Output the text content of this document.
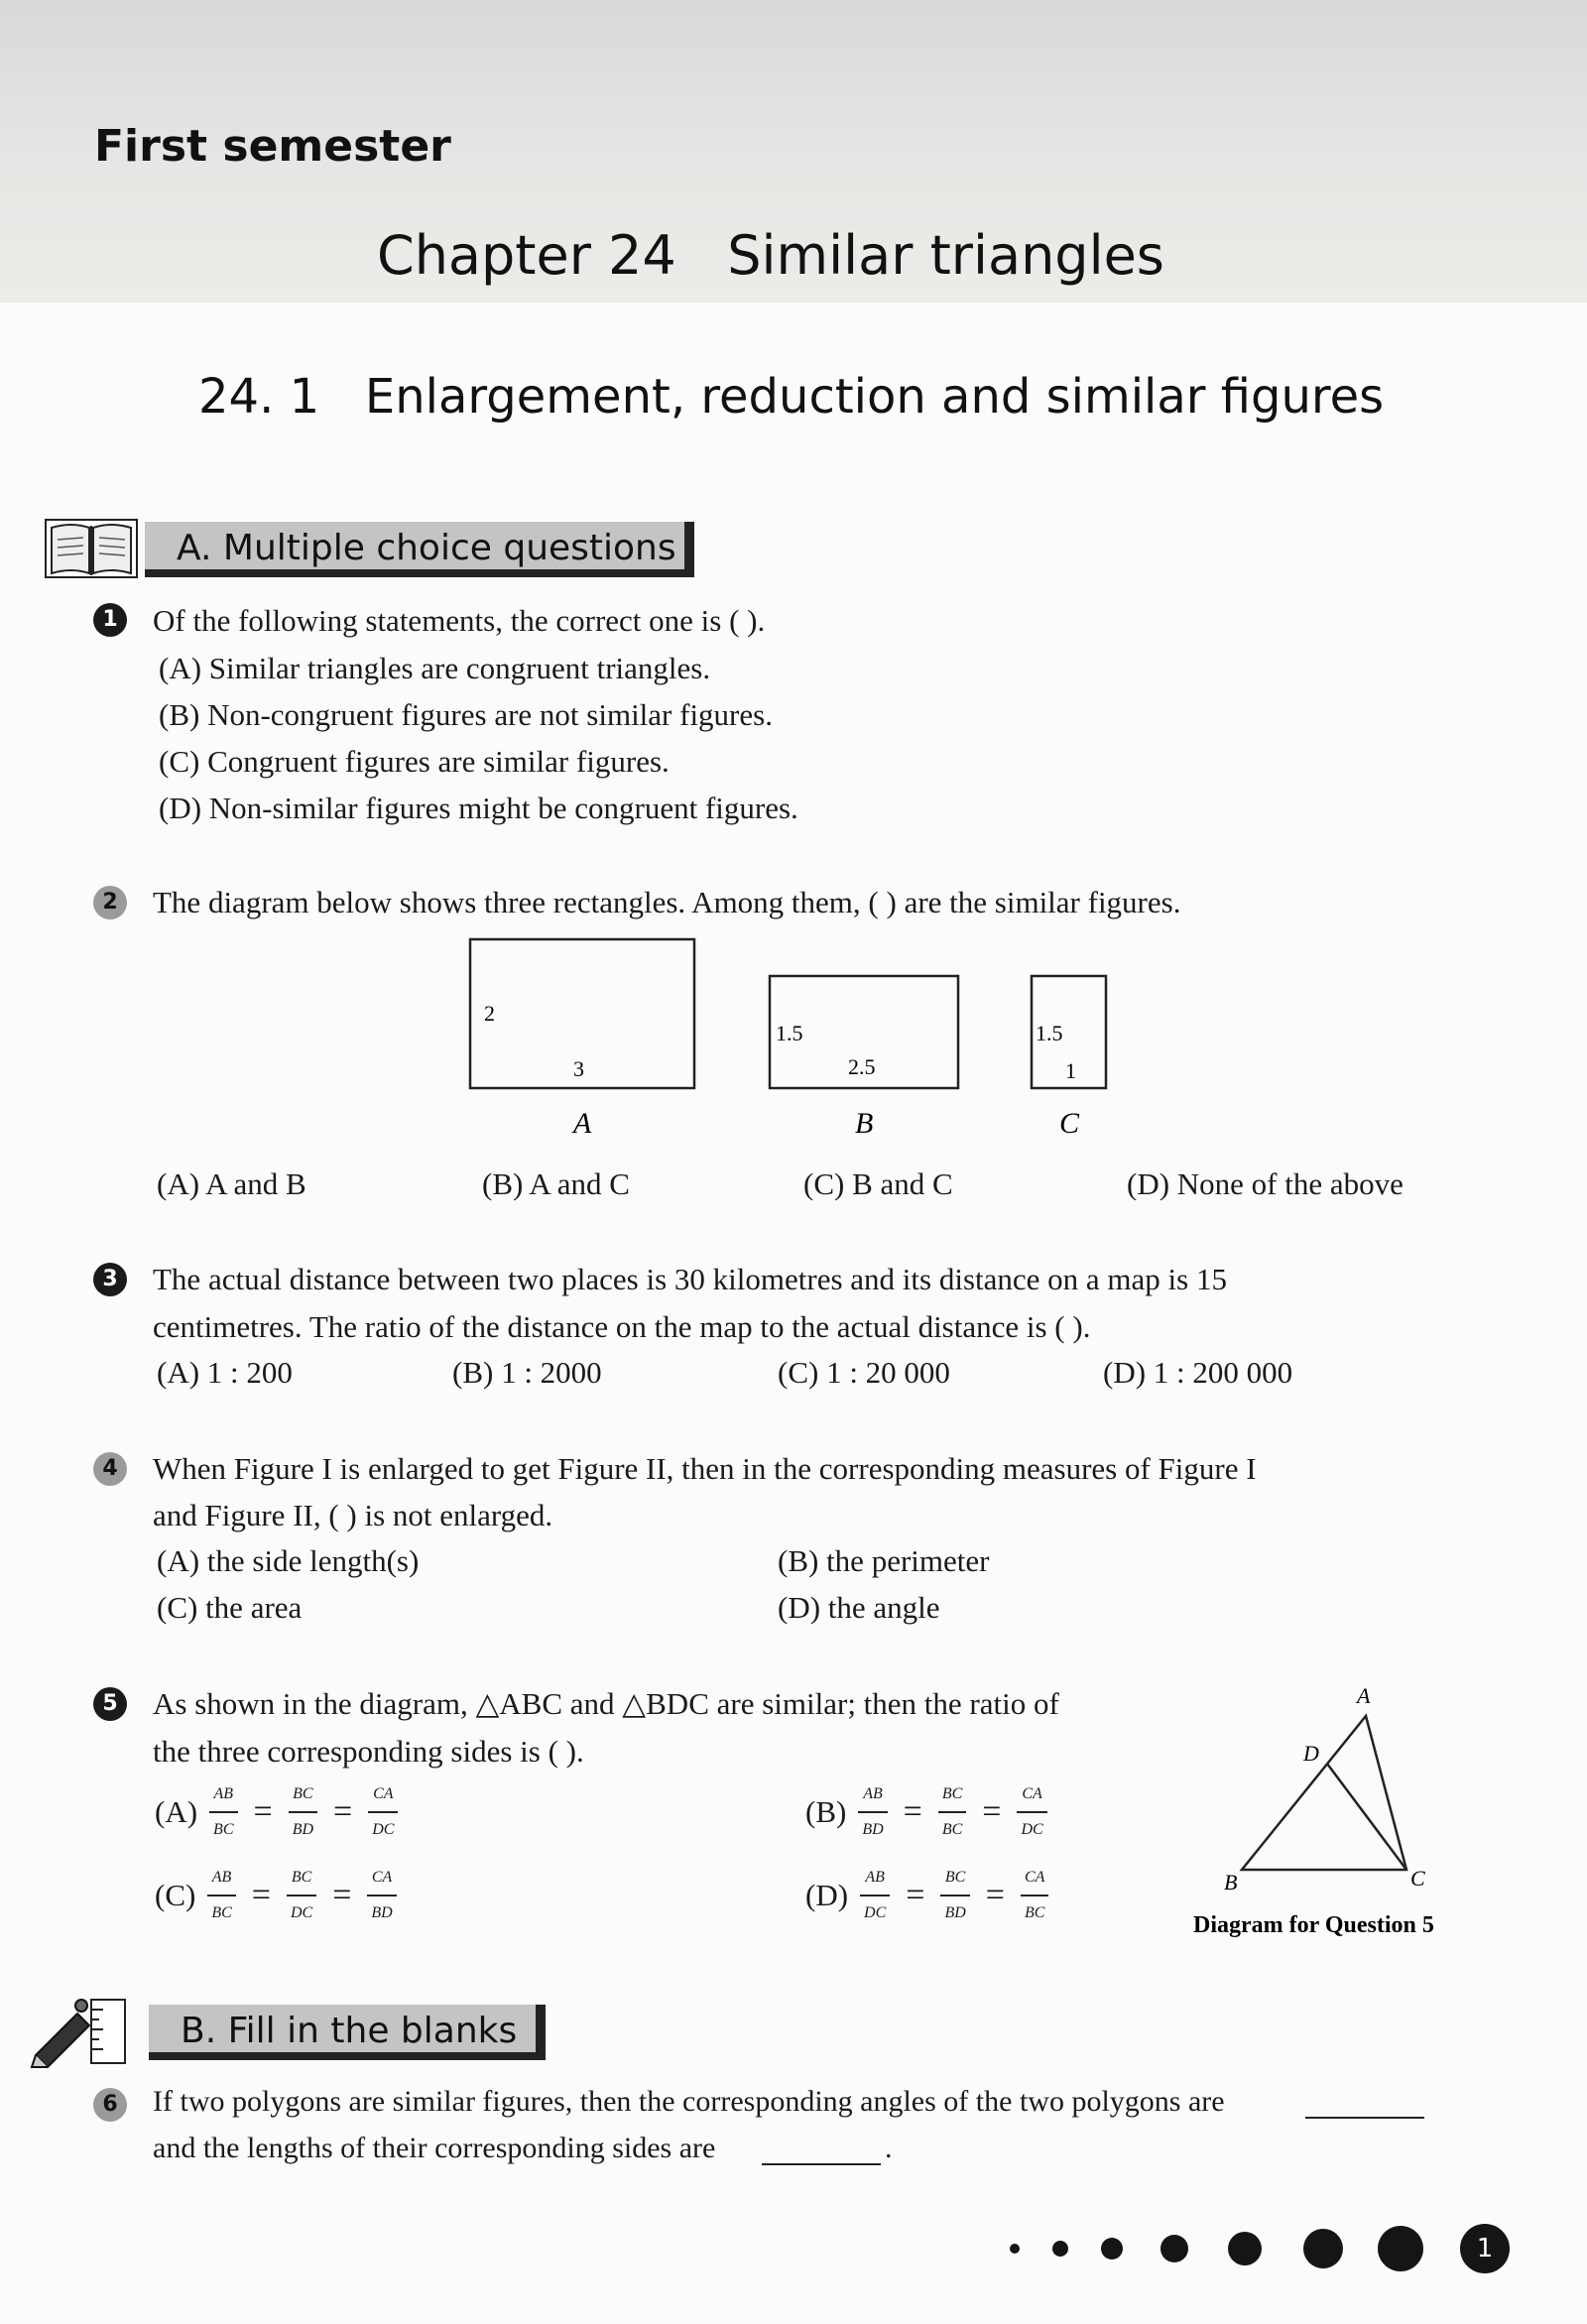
First semester
Chapter 24   Similar triangles
24. 1   Enlargement, reduction and similar figures
A. Multiple choice questions
1	Of the following statements, the correct one is ( ).
(A) Similar triangles are congruent triangles.
(B) Non-congruent figures are not similar figures.
(C) Congruent figures are similar figures.
(D) Non-similar figures might be congruent figures.
2	The diagram below shows three rectangles. Among them, ( ) are the similar figures.
2
3
A
1.5
2.5
B
1.5
1
C
(A) A and B	(B) A and C	(C) B and C	(D) None of the above
3	The actual distance between two places is 30 kilometres and its distance on a map is 15
centimetres. The ratio of the distance on the map to the actual distance is ( ).
(A) 1 : 200	(B) 1 : 2000	(C) 1 : 20 000	(D) 1 : 200 000
4	When Figure I is enlarged to get Figure II, then in the corresponding measures of Figure I
and Figure II, ( ) is not enlarged.
(A) the side length(s)	(B) the perimeter
(C) the area	(D) the angle
5	As shown in the diagram, △ABC and △BDC are similar; then the ratio of
the three corresponding sides is ( ).
$(A) \frac{AB}{BC} = \frac{BC}{BD} = \frac{CA}{DC}$	$(B) \frac{AB}{BD} = \frac{BC}{BC} = \frac{CA}{DC}$
$(C) \frac{AB}{BC} = \frac{BC}{DC} = \frac{CA}{BD}$	$(D) \frac{AB}{DC} = \frac{BC}{BD} = \frac{CA}{BC}$
A
D
B	C
Diagram for Question 5
B. Fill in the blanks
6	If two polygons are similar figures, then the corresponding angles of the two polygons are
and the lengths of their corresponding sides are	.
1
